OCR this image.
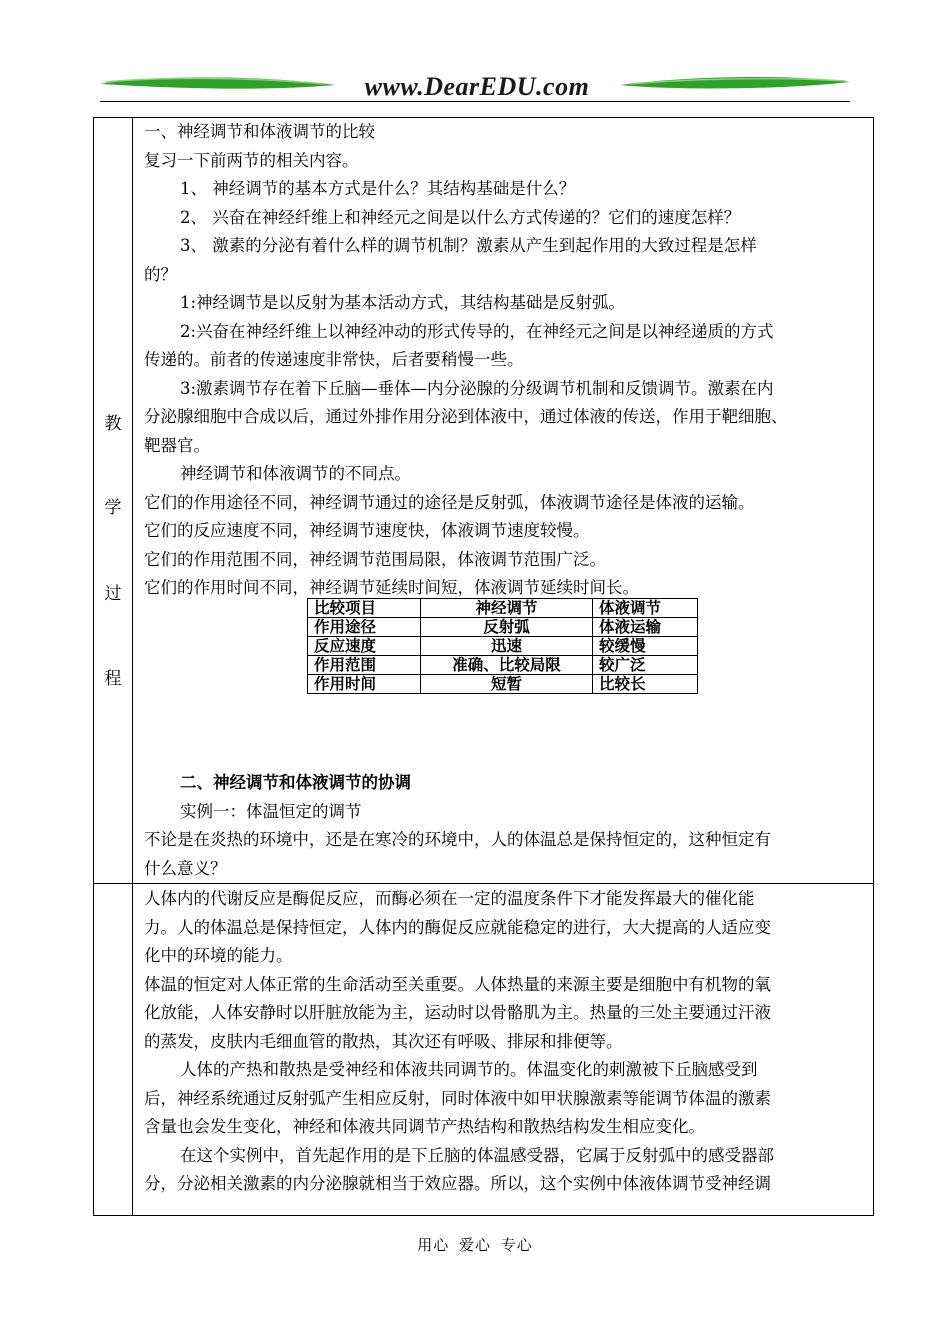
www.DearEDU.com
教
学
过
程

一、神经调节和体液调节的比较

复习一下前两节的相关内容。

1、 神经调节的基本方式是什么？其结构基础是什么？

2、 兴奋在神经纤维上和神经元之间是以什么方式传递的？它们的速度怎样？

3、 激素的分泌有着什么样的调节机制？激素从产生到起作用的大致过程是怎样

的？

1:神经调节是以反射为基本活动方式，其结构基础是反射弧。

2:兴奋在神经纤维上以神经冲动的形式传导的，在神经元之间是以神经递质的方式

传递的。前者的传递速度非常快，后者要稍慢一些。

3:激素调节存在着下丘脑—垂体—内分泌腺的分级调节机制和反馈调节。激素在内

分泌腺细胞中合成以后，通过外排作用分泌到体液中，通过体液的传送，作用于靶细胞、

靶器官。

神经调节和体液调节的不同点。

它们的作用途径不同，神经调节通过的途径是反射弧，体液调节途径是体液的运输。

它们的反应速度不同，神经调节速度快，体液调节速度较慢。

它们的作用范围不同，神经调节范围局限，体液调节范围广泛。

它们的作用时间不同，神经调节延续时间短，体液调节延续时间长。

比较项目	神经调节	体液调节
作用途径	反射弧	体液运输
反应速度	迅速	较缓慢
作用范围	准确、比较局限	较广泛
作用时间	短暂	比较长

二、神经调节和体液调节的协调

实例一：体温恒定的调节

不论是在炎热的环境中，还是在寒冷的环境中，人的体温总是保持恒定的，这种恒定有

什么意义？

人体内的代谢反应是酶促反应，而酶必须在一定的温度条件下才能发挥最大的催化能

力。人的体温总是保持恒定，人体内的酶促反应就能稳定的进行，大大提高的人适应变

化中的环境的能力。

体温的恒定对人体正常的生命活动至关重要。人体热量的来源主要是细胞中有机物的氧

化放能，人体安静时以肝脏放能为主，运动时以骨骼肌为主。热量的三处主要通过汗液

的蒸发，皮肤内毛细血管的散热，其次还有呼吸、排尿和排便等。

人体的产热和散热是受神经和体液共同调节的。体温变化的刺激被下丘脑感受到

后，神经系统通过反射弧产生相应反射，同时体液中如甲状腺激素等能调节体温的激素

含量也会发生变化，神经和体液共同调节产热结构和散热结构发生相应变化。

在这个实例中，首先起作用的是下丘脑的体温感受器，它属于反射弧中的感受器部

分，分泌相关激素的内分泌腺就相当于效应器。所以，这个实例中体液体调节受神经调

用心 爱心 专心
